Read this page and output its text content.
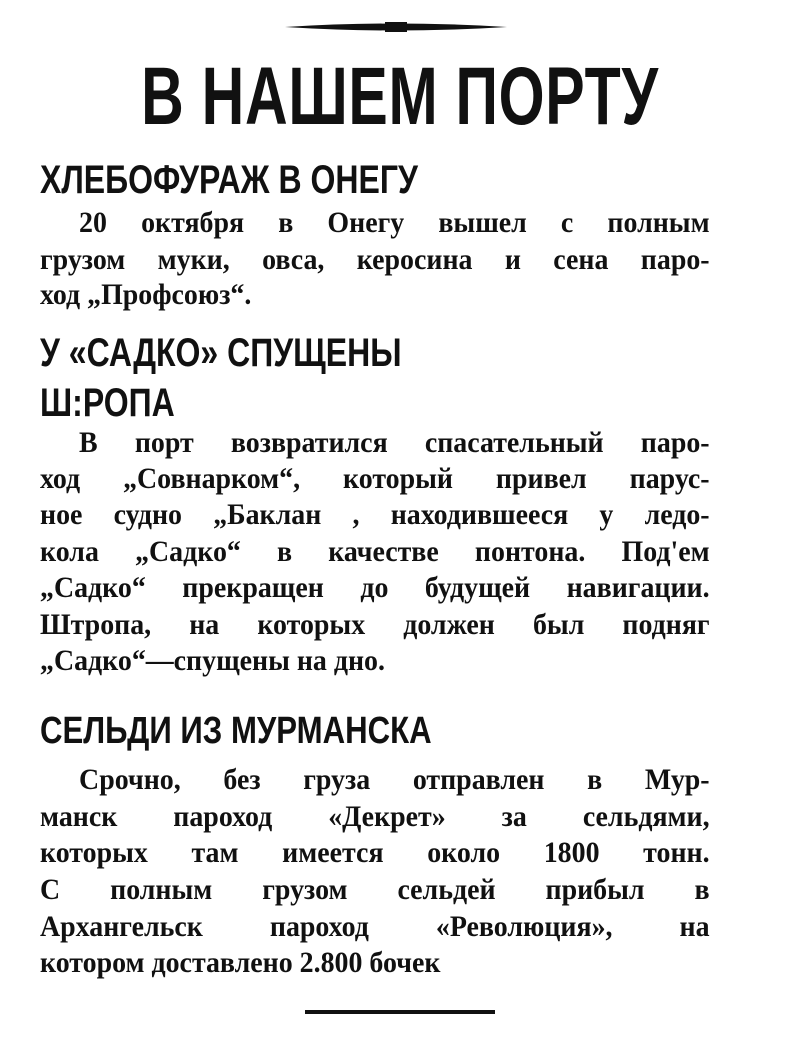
В НАШЕМ ПОРТУ
ХЛЕБОФУРАЖ В ОНЕГУ
20 октября в Онегу вышел с полным
грузом муки, овса, керосина и сена паро-
ход „Профсоюз“.
У «САДКО» СПУЩЕНЫ
Ш:РОПА
В порт возвратился спасательный паро-
ход „Совнарком“, который привел парус-
ное судно „Баклан , находившееся у ледо-
кола „Садко“ в качестве понтона. Под'ем
„Садко“ прекращен до будущей навигации.
Штропа, на которых должен был подняг
„Садко“—спущены на дно.
СЕЛЬДИ ИЗ МУРМАНСКА
Срочно, без груза отправлен в Мур-
манск пароход «Декрет» за сельдями,
которых там имеется около 1800 тонн.
С полным грузом сельдей прибыл в
Архангельск пароход «Революция», на
котором доставлено 2.800 бочек
